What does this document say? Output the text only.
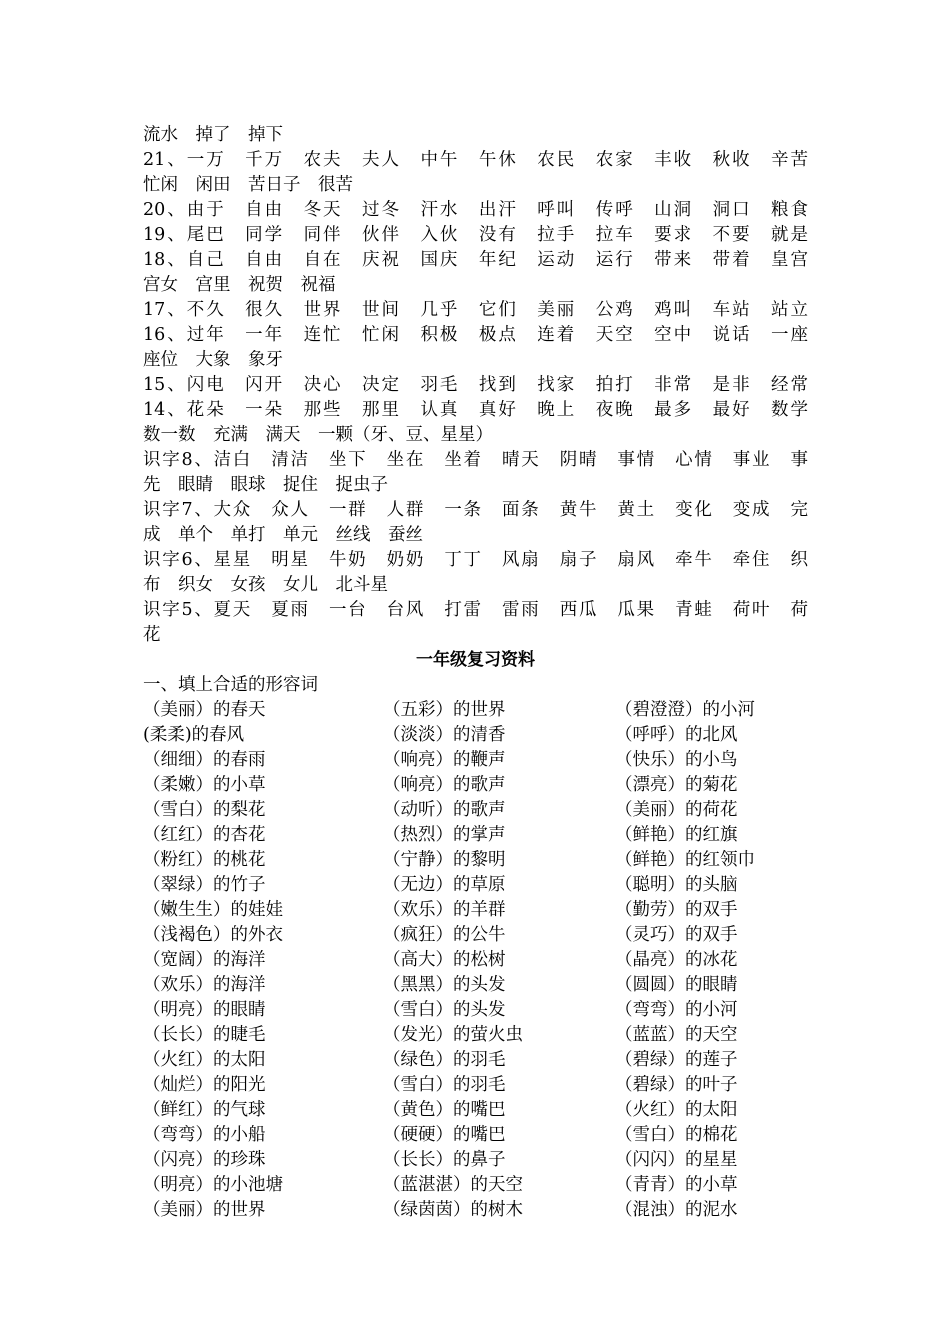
流水　掉了　掉下
21、一万　千万　农夫　夫人　中午　午休　农民　农家　丰收　秋收　辛苦
忙闲　闲田　苦日子　很苦
20、由于　自由　冬天　过冬　汗水　出汗　呼叫　传呼　山洞　洞口　粮食
19、尾巴　同学　同伴　伙伴　入伙　没有　拉手　拉车　要求　不要　就是
18、自己　自由　自在　庆祝　国庆　年纪　运动　运行　带来　带着　皇宫
宫女　宫里　祝贺　祝福
17、不久　很久　世界　世间　几乎　它们　美丽　公鸡　鸡叫　车站　站立
16、过年　一年　连忙　忙闲　积极　极点　连着　天空　空中　说话　一座
座位　大象　象牙
15、闪电　闪开　决心　决定　羽毛　找到　找家　拍打　非常　是非　经常
14、花朵　一朵　那些　那里　认真　真好　晚上　夜晚　最多　最好　数学
数一数　充满　满天　一颗（牙、豆、星星）
识字8、洁白　清洁　坐下　坐在　坐着　晴天　阴晴　事情　心情　事业　事
先　眼睛　眼球　捉住　捉虫子
识字7、大众　众人　一群　人群　一条　面条　黄牛　黄土　变化　变成　完
成　单个　单打　单元　丝线　蚕丝
识字6、星星　明星　牛奶　奶奶　丁丁　风扇　扇子　扇风　牵牛　牵住　织
布　织女　女孩　女儿　北斗星
识字5、夏天　夏雨　一台　台风　打雷　雷雨　西瓜　瓜果　青蛙　荷叶　荷
花
一年级复习资料
一、填上合适的形容词
（美丽）的春天	（五彩）的世界	（碧澄澄）的小河
(柔柔)的春风	（淡淡）的清香	（呼呼）的北风
（细细）的春雨	（响亮）的鞭声	（快乐）的小鸟
（柔嫩）的小草	（响亮）的歌声	（漂亮）的菊花
（雪白）的梨花	（动听）的歌声	（美丽）的荷花
（红红）的杏花	（热烈）的掌声	（鲜艳）的红旗
（粉红）的桃花	（宁静）的黎明	（鲜艳）的红领巾
（翠绿）的竹子	（无边）的草原	（聪明）的头脑
（嫩生生）的娃娃	（欢乐）的羊群	（勤劳）的双手
（浅褐色）的外衣	（疯狂）的公牛	（灵巧）的双手
（宽阔）的海洋	（高大）的松树	（晶亮）的冰花
（欢乐）的海洋	（黑黑）的头发	（圆圆）的眼睛
（明亮）的眼睛	（雪白）的头发	（弯弯）的小河
（长长）的睫毛	（发光）的萤火虫	（蓝蓝）的天空
（火红）的太阳	（绿色）的羽毛	（碧绿）的莲子
（灿烂）的阳光	（雪白）的羽毛	（碧绿）的叶子
（鲜红）的气球	（黄色）的嘴巴	（火红）的太阳
（弯弯）的小船	（硬硬）的嘴巴	（雪白）的棉花
（闪亮）的珍珠	（长长）的鼻子	（闪闪）的星星
（明亮）的小池塘	（蓝湛湛）的天空	（青青）的小草
（美丽）的世界	（绿茵茵）的树木	（混浊）的泥水
